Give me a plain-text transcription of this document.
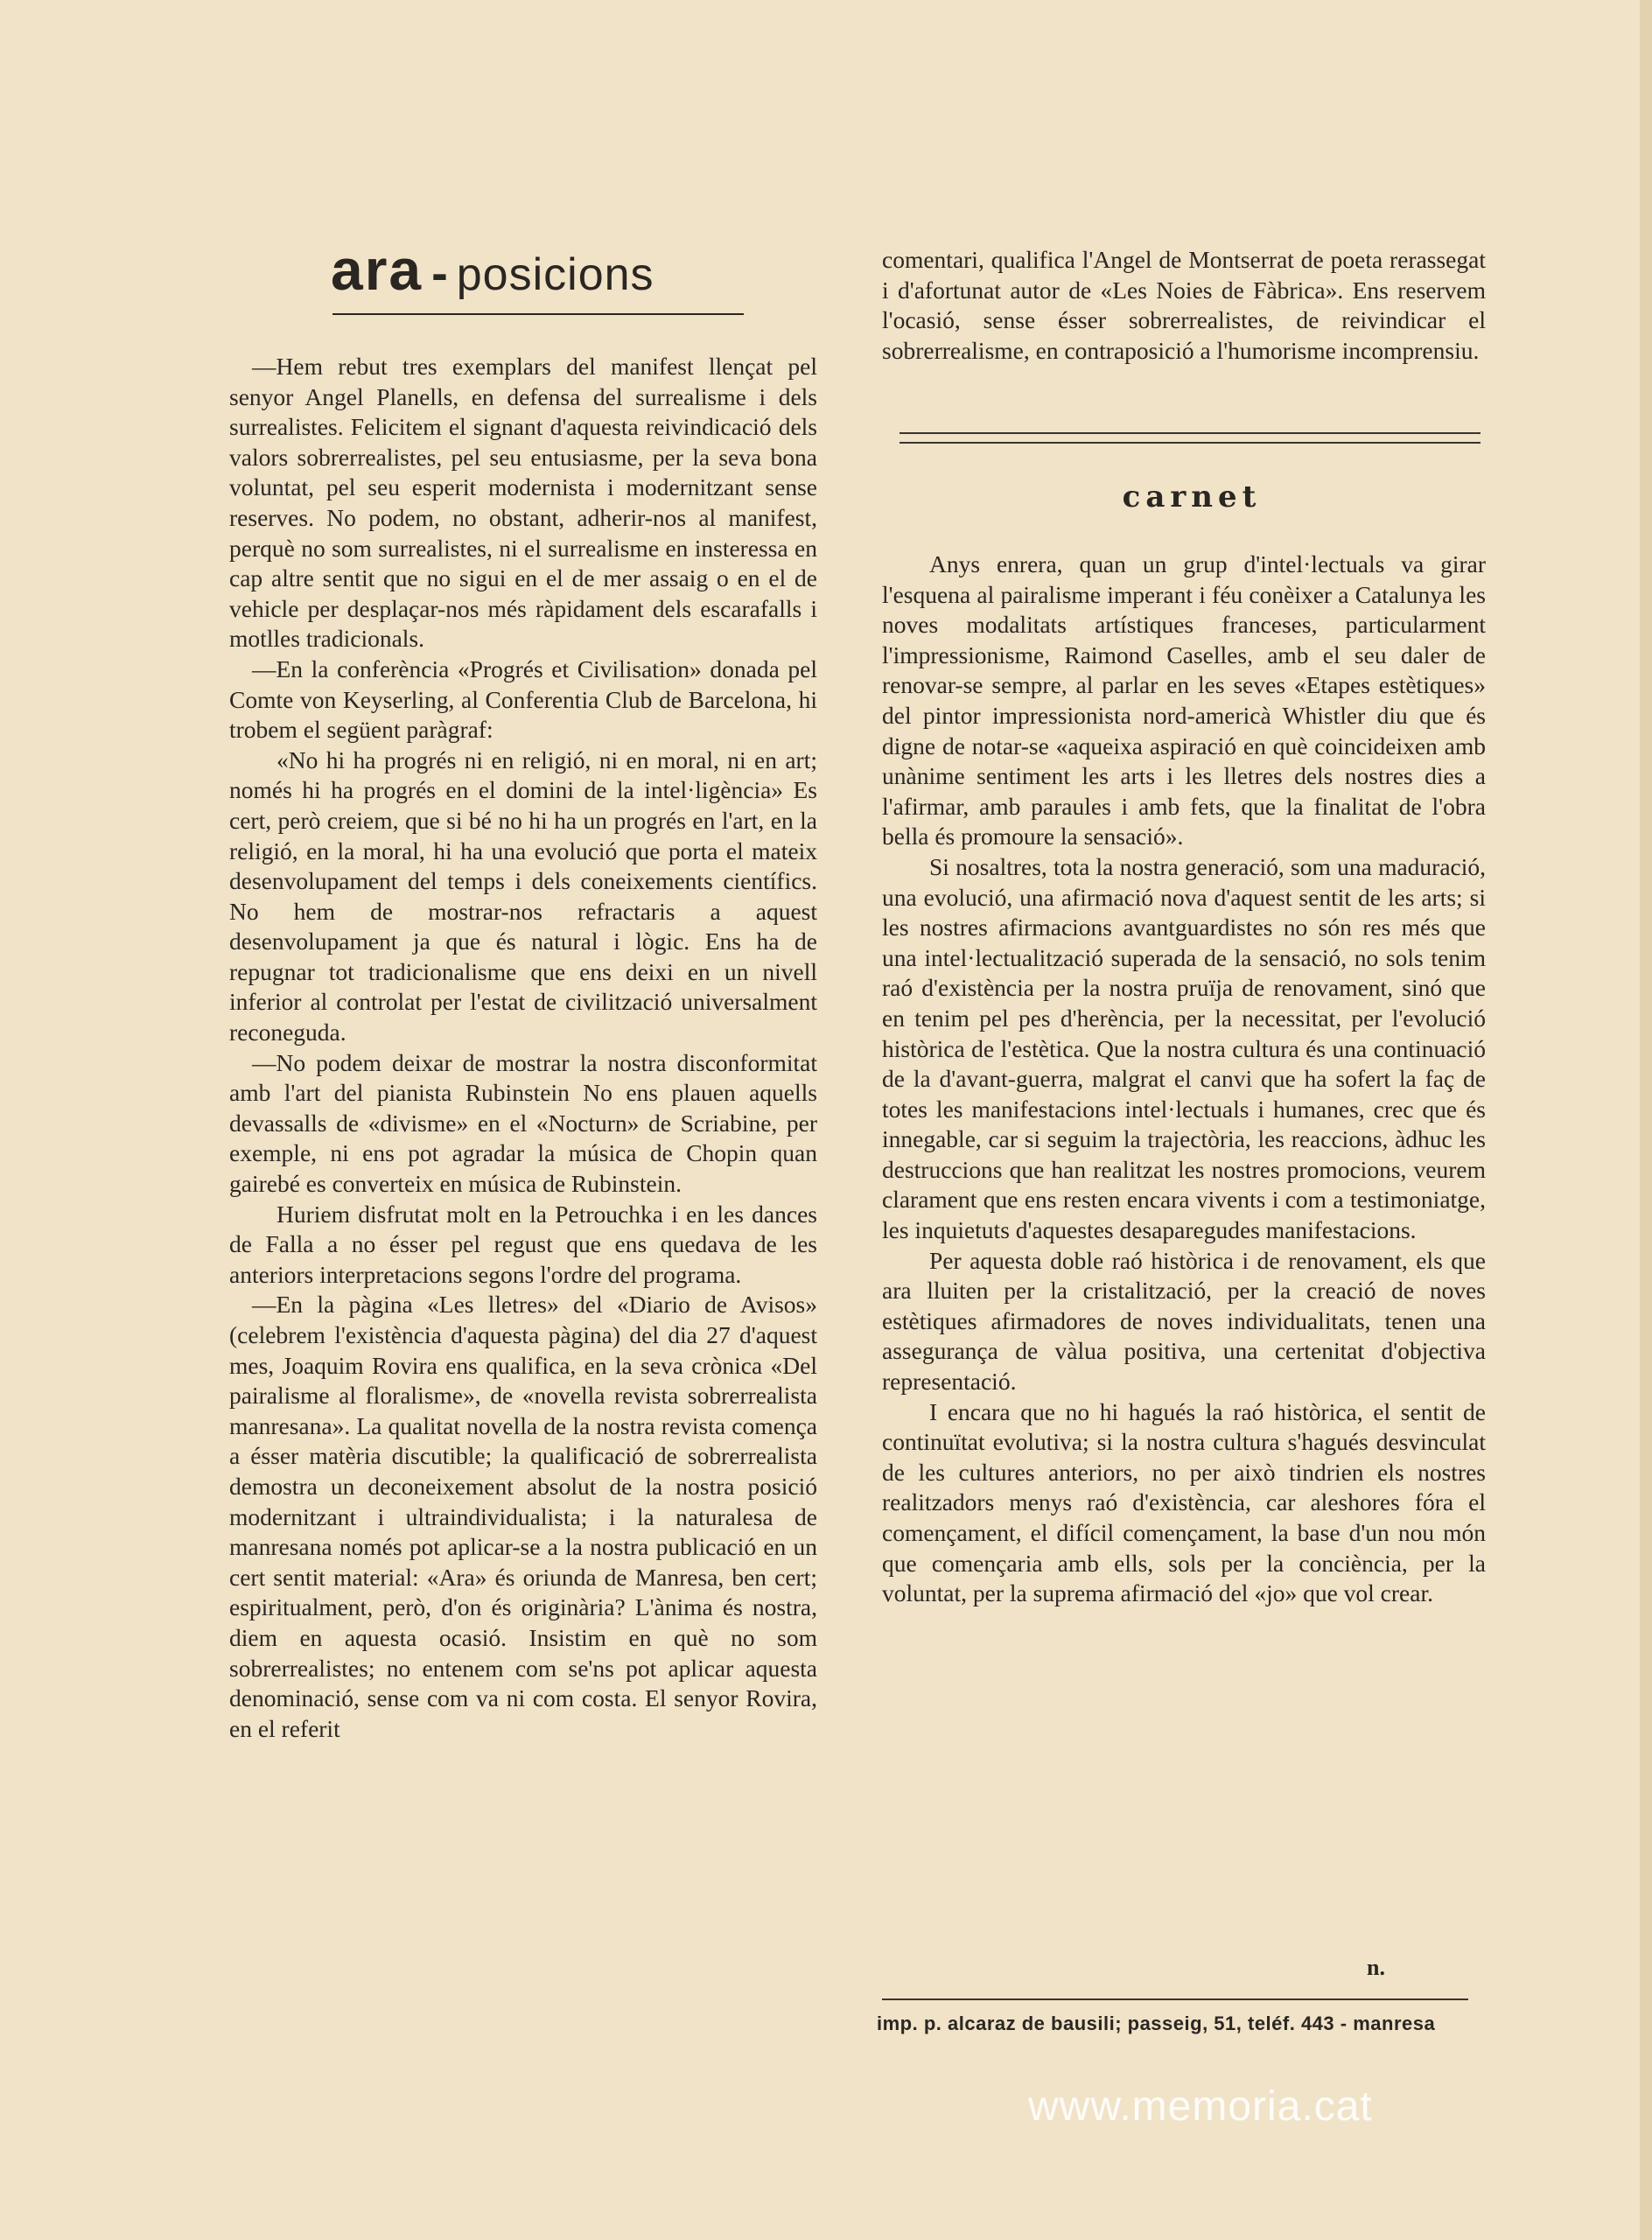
ara - posicions

—Hem rebut tres exemplars del manifest llençat pel senyor Angel Planells, en defensa del surrealisme i dels surrealistes. Felicitem el signant d'aquesta reivindicació dels valors sobrerrealistes, pel seu entusiasme, per la seva bona voluntat, pel seu esperit modernista i modernitzant sense reserves. No podem, no obstant, adherir-nos al manifest, perquè no som surrealistes, ni el surrealisme en insteressa en cap altre sentit que no sigui en el de mer assaig o en el de vehicle per desplaçar-nos més ràpidament dels escarafalls i motlles tradicionals.

—En la conferència «Progrés et Civilisation» donada pel Comte von Keyserling, al Conferentia Club de Barcelona, hi trobem el següent paràgraf:

«No hi ha progrés ni en religió, ni en moral, ni en art; només hi ha progrés en el domini de la intel·ligència» Es cert, però creiem, que si bé no hi ha un progrés en l'art, en la religió, en la moral, hi ha una evolució que porta el mateix desenvolupament del temps i dels coneixements científics. No hem de mostrar-nos refractaris a aquest desenvolupament ja que és natural i lògic. Ens ha de repugnar tot tradicionalisme que ens deixi en un nivell inferior al controlat per l'estat de civilització universalment reconeguda.

—No podem deixar de mostrar la nostra disconformitat amb l'art del pianista Rubinstein No ens plauen aquells devassalls de «divisme» en el «Nocturn» de Scriabine, per exemple, ni ens pot agradar la música de Chopin quan gairebé es converteix en música de Rubinstein.

Huriem disfrutat molt en la Petrouchka i en les dances de Falla a no ésser pel regust que ens quedava de les anteriors interpretacions segons l'ordre del programa.

—En la pàgina «Les lletres» del «Diario de Avisos» (celebrem l'existència d'aquesta pàgina) del dia 27 d'aquest mes, Joaquim Rovira ens qualifica, en la seva crònica «Del pairalisme al floralisme», de «novella revista sobrerrealista manresana». La qualitat novella de la nostra revista comença a ésser matèria discutible; la qualificació de sobrerrealista demostra un deconeixement absolut de la nostra posició modernitzant i ultraindividualista; i la naturalesa de manresana només pot aplicar-se a la nostra publicació en un cert sentit material: «Ara» és oriunda de Manresa, ben cert; espiritualment, però, d'on és originària? L'ànima és nostra, diem en aquesta ocasió. Insistim en què no som sobrerrealistes; no entenem com se'ns pot aplicar aquesta denominació, sense com va ni com costa. El senyor Rovira, en el referit

comentari, qualifica l'Angel de Montserrat de poeta rerassegat i d'afortunat autor de «Les Noies de Fàbrica». Ens reservem l'ocasió, sense ésser sobrerrealistes, de reivindicar el sobrerrealisme, en contraposició a l'humorisme incomprensiu.

carnet

Anys enrera, quan un grup d'intel·lectuals va girar l'esquena al pairalisme imperant i féu conèixer a Catalunya les noves modalitats artístiques franceses, particularment l'impressionisme, Raimond Caselles, amb el seu daler de renovar-se sempre, al parlar en les seves «Etapes estètiques» del pintor impressionista nord-americà Whistler diu que és digne de notar-se «aqueixa aspiració en què coincideixen amb unànime sentiment les arts i les lletres dels nostres dies a l'afirmar, amb paraules i amb fets, que la finalitat de l'obra bella és promoure la sensació».

Si nosaltres, tota la nostra generació, som una maduració, una evolució, una afirmació nova d'aquest sentit de les arts; si les nostres afirmacions avantguardistes no són res més que una intel·lectualització superada de la sensació, no sols tenim raó d'existència per la nostra pruïja de renovament, sinó que en tenim pel pes d'herència, per la necessitat, per l'evolució històrica de l'estètica. Que la nostra cultura és una continuació de la d'avant-guerra, malgrat el canvi que ha sofert la faç de totes les manifestacions intel·lectuals i humanes, crec que és innegable, car si seguim la trajectòria, les reaccions, àdhuc les destruccions que han realitzat les nostres promocions, veurem clarament que ens resten encara vivents i com a testimoniatge, les inquietuts d'aquestes desaparegudes manifestacions.

Per aquesta doble raó històrica i de renovament, els que ara lluiten per la cristalització, per la creació de noves estètiques afirmadores de noves individualitats, tenen una assegurança de vàlua positiva, una certenitat d'objectiva representació.

I encara que no hi hagués la raó històrica, el sentit de continuïtat evolutiva; si la nostra cultura s'hagués desvinculat de les cultures anteriors, no per això tindrien els nostres realitzadors menys raó d'existència, car aleshores fóra el començament, el difícil començament, la base d'un nou món que començaria amb ells, sols per la conciència, per la voluntat, per la suprema afirmació del «jo» que vol crear.

n.
imp. p. alcaraz de bausili; passeig, 51, teléf. 443 - manresa
www.memoria.cat
